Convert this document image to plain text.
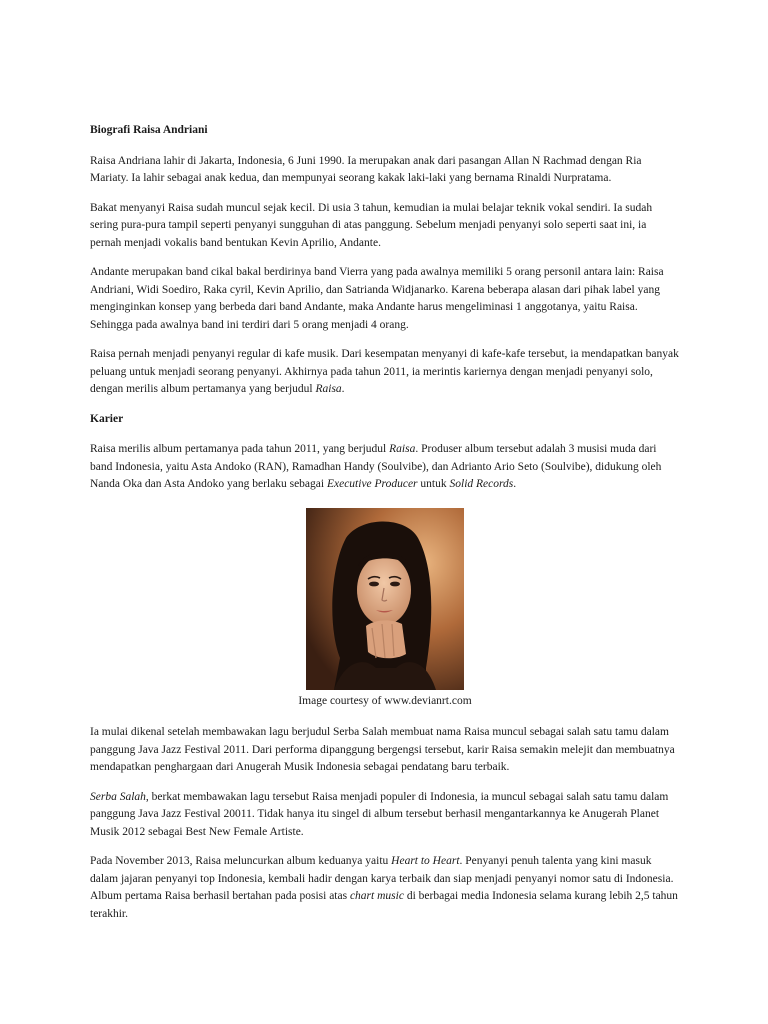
Biografi Raisa Andriani

Raisa Andriana lahir di Jakarta, Indonesia, 6 Juni 1990. Ia merupakan anak dari pasangan Allan N Rachmad dengan Ria Mariaty. Ia lahir sebagai anak kedua, dan mempunyai seorang kakak laki-laki yang bernama Rinaldi Nurpratama.

Bakat menyanyi Raisa sudah muncul sejak kecil. Di usia 3 tahun, kemudian ia mulai belajar teknik vokal sendiri. Ia sudah sering pura-pura tampil seperti penyanyi sungguhan di atas panggung. Sebelum menjadi penyanyi solo seperti saat ini, ia pernah menjadi vokalis band bentukan Kevin Aprilio, Andante.

Andante merupakan band cikal bakal berdirinya band Vierra yang pada awalnya memiliki 5 orang personil antara lain: Raisa Andriani, Widi Soediro, Raka cyril, Kevin Aprilio, dan Satrianda Widjanarko. Karena beberapa alasan dari pihak label yang menginginkan konsep yang berbeda dari band Andante, maka Andante harus mengeliminasi 1 anggotanya, yaitu Raisa. Sehingga pada awalnya band ini terdiri dari 5 orang menjadi 4 orang.

Raisa pernah menjadi penyanyi regular di kafe musik. Dari kesempatan menyanyi di kafe-kafe tersebut, ia mendapatkan banyak peluang untuk menjadi seorang penyanyi. Akhirnya pada tahun 2011, ia merintis kariernya dengan menjadi penyanyi solo, dengan merilis album pertamanya yang berjudul Raisa.

Karier

Raisa merilis album pertamanya pada tahun 2011, yang berjudul Raisa. Produser album tersebut adalah 3 musisi muda dari band Indonesia, yaitu Asta Andoko (RAN), Ramadhan Handy (Soulvibe), dan Adrianto Ario Seto (Soulvibe), didukung oleh Nanda Oka dan Asta Andoko yang berlaku sebagai Executive Producer untuk Solid Records.

Image courtesy of www.devianrt.com

Ia mulai dikenal setelah membawakan lagu berjudul Serba Salah membuat nama Raisa muncul sebagai salah satu tamu dalam panggung Java Jazz Festival 2011. Dari performa dipanggung bergengsi tersebut, karir Raisa semakin melejit dan membuatnya mendapatkan penghargaan dari Anugerah Musik Indonesia sebagai pendatang baru terbaik.

Serba Salah, berkat membawakan lagu tersebut Raisa menjadi populer di Indonesia, ia muncul sebagai salah satu tamu dalam panggung Java Jazz Festival 20011. Tidak hanya itu singel di album tersebut berhasil mengantarkannya ke Anugerah Planet Musik 2012 sebagai Best New Female Artiste.

Pada November 2013, Raisa meluncurkan album keduanya yaitu Heart to Heart. Penyanyi penuh talenta yang kini masuk dalam jajaran penyanyi top Indonesia, kembali hadir dengan karya terbaik dan siap menjadi penyanyi nomor satu di Indonesia. Album pertama Raisa berhasil bertahan pada posisi atas chart music di berbagai media Indonesia selama kurang lebih 2,5 tahun terakhir.
